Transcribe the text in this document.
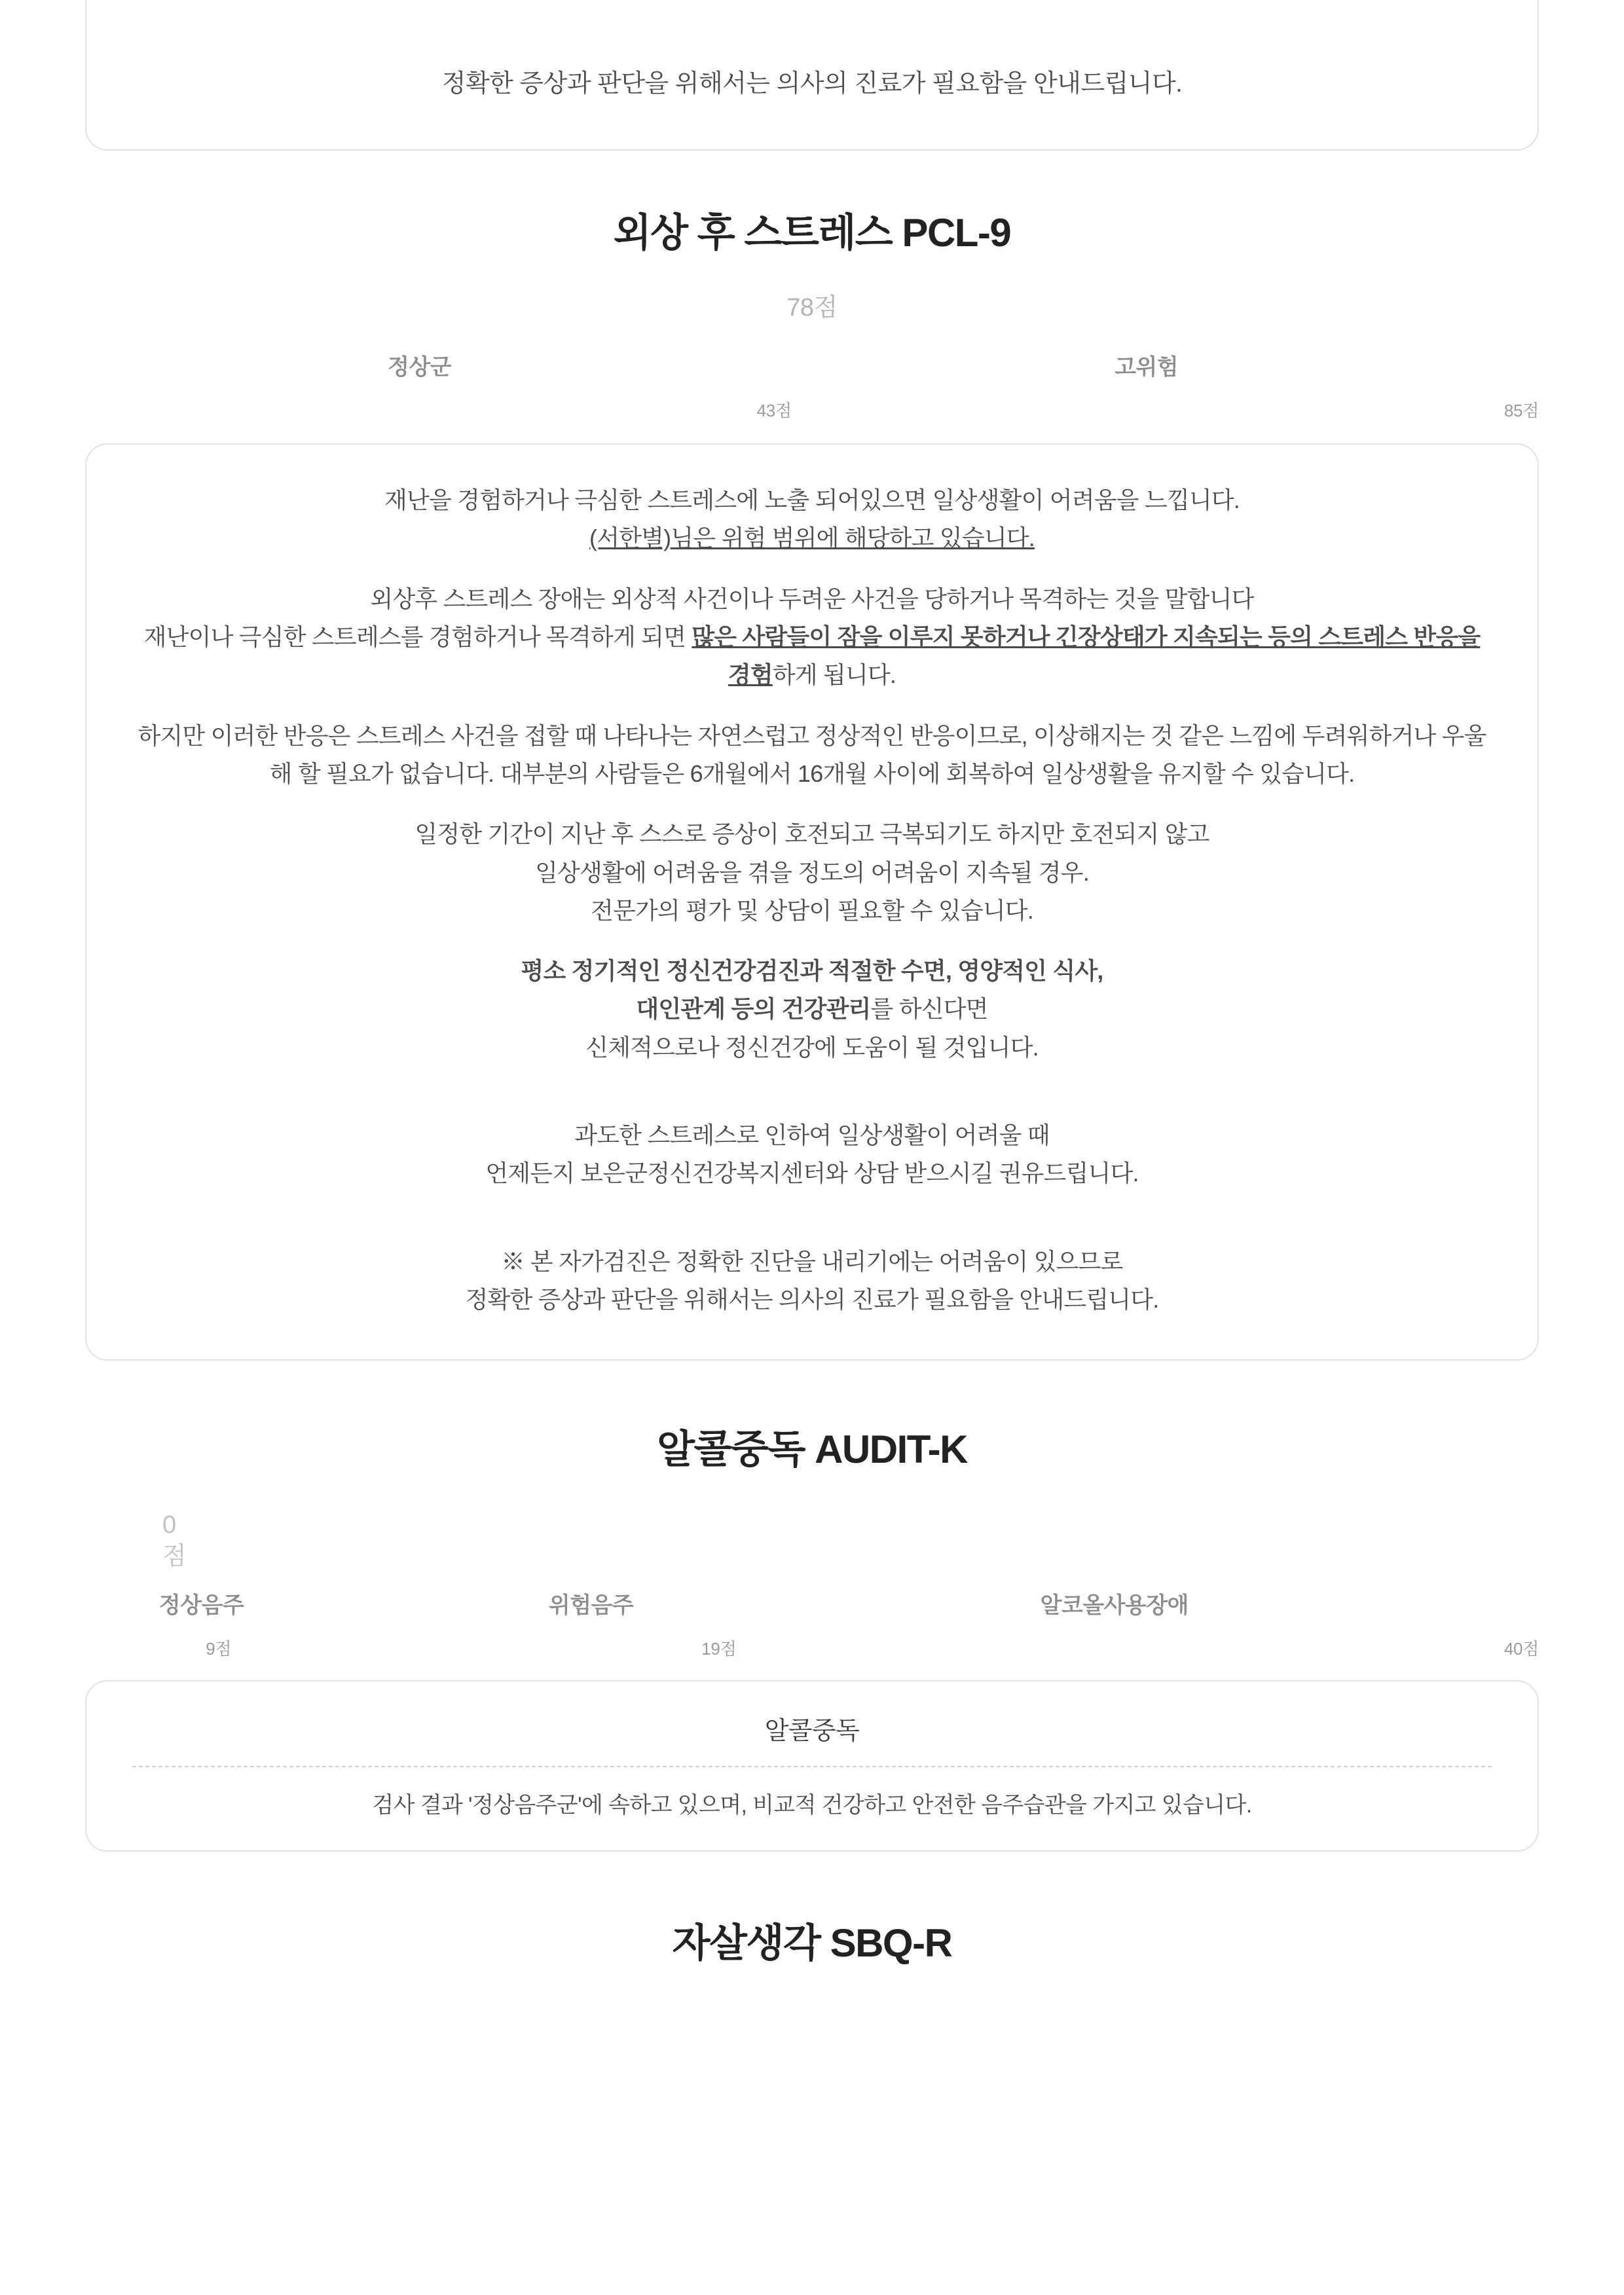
정확한 증상과 판단을 위해서는 의사의 진료가 필요함을 안내드립니다.
외상 후 스트레스 PCL-9
78점
정상군	고위험
43점	85점

재난을 경험하거나 극심한 스트레스에 노출 되어있으면 일상생활이 어려움을 느낍니다.
(서한별)님은 위험 범위에 해당하고 있습니다.

외상후 스트레스 장애는 외상적 사건이나 두려운 사건을 당하거나 목격하는 것을 말합니다
재난이나 극심한 스트레스를 경험하거나 목격하게 되면 많은 사람들이 잠을 이루지 못하거나 긴장상태가 지속되는 등의 스트레스 반응을 경험하게 됩니다.

하지만 이러한 반응은 스트레스 사건을 접할 때 나타나는 자연스럽고 정상적인 반응이므로, 이상해지는 것 같은 느낌에 두려워하거나 우울해 할 필요가 없습니다. 대부분의 사람들은 6개월에서 16개월 사이에 회복하여 일상생활을 유지할 수 있습니다.

일정한 기간이 지난 후 스스로 증상이 호전되고 극복되기도 하지만 호전되지 않고
일상생활에 어려움을 겪을 정도의 어려움이 지속될 경우.
전문가의 평가 및 상담이 필요할 수 있습니다.

평소 정기적인 정신건강검진과 적절한 수면, 영양적인 식사,
대인관계 등의 건강관리를 하신다면
신체적으로나 정신건강에 도움이 될 것입니다.

과도한 스트레스로 인하여 일상생활이 어려울 때
언제든지 보은군정신건강복지센터와 상담 받으시길 권유드립니다.

※ 본 자가검진은 정확한 진단을 내리기에는 어려움이 있으므로
정확한 증상과 판단을 위해서는 의사의 진료가 필요함을 안내드립니다.

알콜중독 AUDIT-K
0
점
정상음주	위험음주	알코올사용장애
9점	19점	40점
알콜중독
검사 결과 '정상음주군'에 속하고 있으며, 비교적 건강하고 안전한 음주습관을 가지고 있습니다.
자살생각 SBQ-R
